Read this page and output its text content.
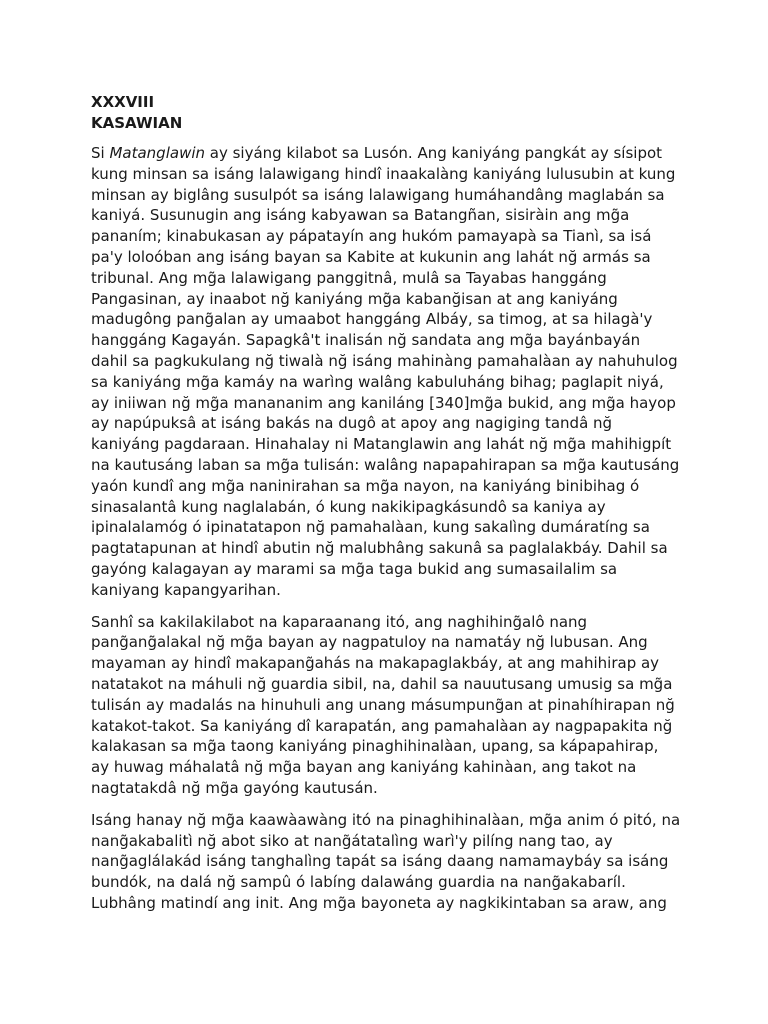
XXXVIII
KASAWIAN

Si Matanglawin ay siyáng kilabot sa Lusón. Ang kaniyáng pangkát ay sísipot kung minsan sa isáng lalawigang hindî inaakalàng kaniyáng lulusubin at kung minsan ay biglâng susulpót sa isáng lalawigang humáhandâng maglabán sa kaniyá. Susunugin ang isáng kabyawan sa Batangñan, sisiràin ang mg̃a pananím; kinabukasan ay pápatayín ang hukóm pamayapà sa Tianì, sa isá pa'y loloóban ang isáng bayan sa Kabite at kukunin ang lahát nğ armás sa tribunal. Ang mg̃a lalawigang panggitnâ, mulâ sa Tayabas hanggáng Pangasinan, ay inaabot nğ kaniyáng mg̃a kabanğisan at ang kaniyáng madugông pang̃alan ay umaabot hanggáng Albáy, sa timog, at sa hilagà'y hanggáng Kagayán. Sapagkâ't inalisán nğ sandata ang mg̃a bayánbayán dahil sa pagkukulang nğ tiwalà nğ isáng mahinàng pamahalàan ay nahuhulog sa kaniyáng mg̃a kamáy na warìng walâng kabuluháng bihag; paglapit niyá, ay iniiwan nğ mg̃a manananim ang kaniláng [340]mg̃a bukid, ang mg̃a hayop ay napúpuksâ at isáng bakás na dugô at apoy ang nagiging tandâ nğ kaniyáng pagdaraan. Hinahalay ni Matanglawin ang lahát nğ mg̃a mahihigpít na kautusáng laban sa mg̃a tulisán: walâng napapahirapan sa mg̃a kautusáng yaón kundî ang mg̃a naninirahan sa mg̃a nayon, na kaniyáng binibihag ó sinasalantâ kung naglalabán, ó kung nakikipagkásundô sa kaniya ay ipinalalamóg ó ipinatatapon nğ pamahalàan, kung sakalìng dumáratíng sa pagtatapunan at hindî abutin nğ malubhâng sakunâ sa paglalakbáy. Dahil sa gayóng kalagayan ay marami sa mg̃a taga bukid ang sumasailalim sa kaniyang kapangyarihan.

Sanhî sa kakilakilabot na kaparaanang itó, ang naghihing̃alô nang pang̃ang̃alakal nğ mg̃a bayan ay nagpatuloy na namatáy nğ lubusan. Ang mayaman ay hindî makapang̃ahás na makapaglakbáy, at ang mahihirap ay natatakot na máhuli nğ guardia sibil, na, dahil sa nauutusang umusig sa mg̃a tulisán ay madalás na hinuhuli ang unang másumpung̃an at pinahíhirapan nğ katakot-takot. Sa kaniyáng dî karapatán, ang pamahalàan ay nagpapakita nğ kalakasan sa mg̃a taong kaniyáng pinaghihinalàan, upang, sa kápapahirap, ay huwag máhalatâ nğ mg̃a bayan ang kaniyáng kahinàan, ang takot na nagtatakdâ nğ mg̃a gayóng kautusán.

Isáng hanay nğ mg̃a kaawàawàng itó na pinaghihinalàan, mg̃a anim ó pitó, na nang̃akabalitì nğ abot siko at nang̃átatalìng warì'y pilíng nang tao, ay nang̃aglálakád isáng tanghalìng tapát sa isáng daang namamaybáy sa isáng bundók, na dalá nğ sampû ó labíng dalawáng guardia na nang̃akabaríl. Lubhâng matindí ang init. Ang mg̃a bayoneta ay nagkikintaban sa araw, ang
